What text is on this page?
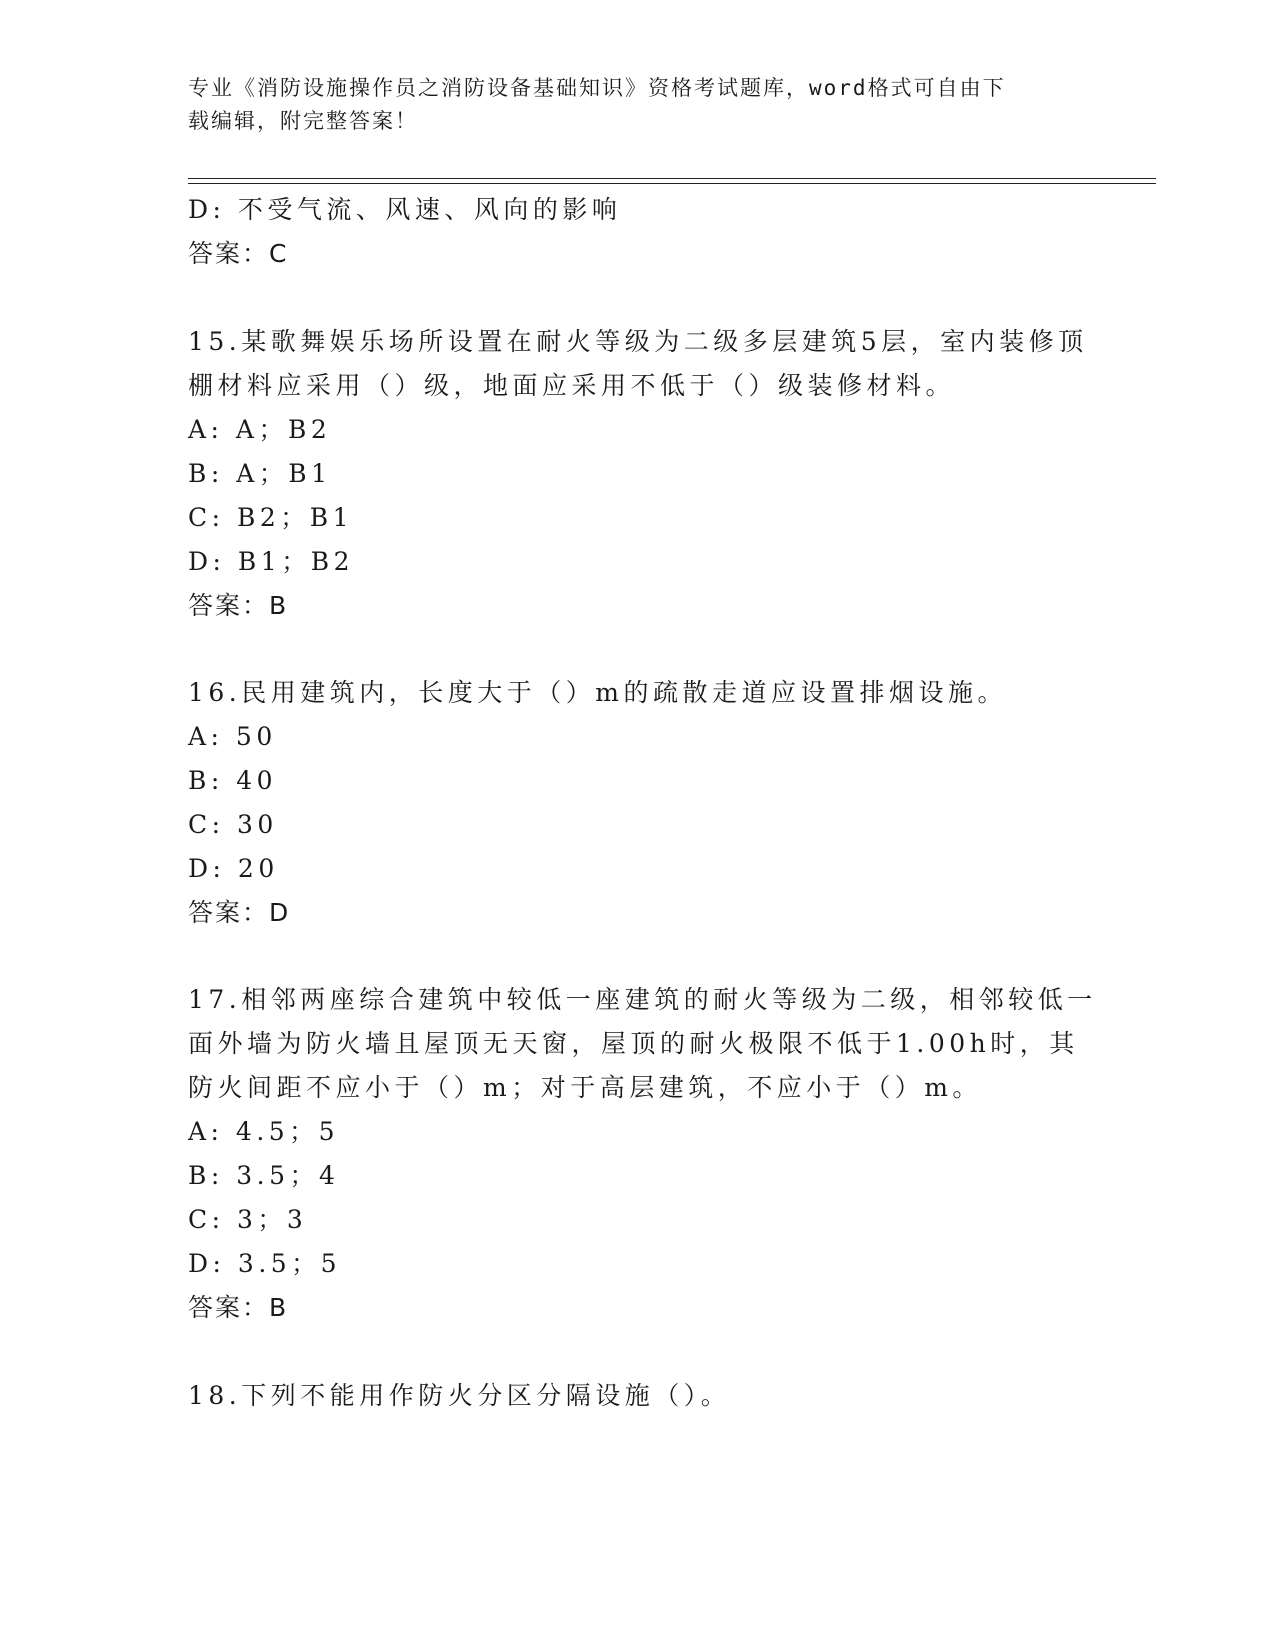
专业《消防设施操作员之消防设备基础知识》资格考试题库，word格式可自由下
载编辑，附完整答案！
D: 不受气流、风速、风向的影响
答案：C
15.某歌舞娱乐场所设置在耐火等级为二级多层建筑5层，室内装修顶
棚材料应采用（）级，地面应采用不低于（）级装修材料。
A: A；B2
B: A；B1
C: B2；B1
D: B1；B2
答案：B
16.民用建筑内，长度大于（）m的疏散走道应设置排烟设施。
A: 50
B: 40
C: 30
D: 20
答案：D
17.相邻两座综合建筑中较低一座建筑的耐火等级为二级，相邻较低一
面外墙为防火墙且屋顶无天窗，屋顶的耐火极限不低于1.00h时，其
防火间距不应小于（）m；对于高层建筑，不应小于（）m。
A: 4.5；5
B: 3.5；4
C: 3；3
D: 3.5；5
答案：B
18.下列不能用作防火分区分隔设施（）。
